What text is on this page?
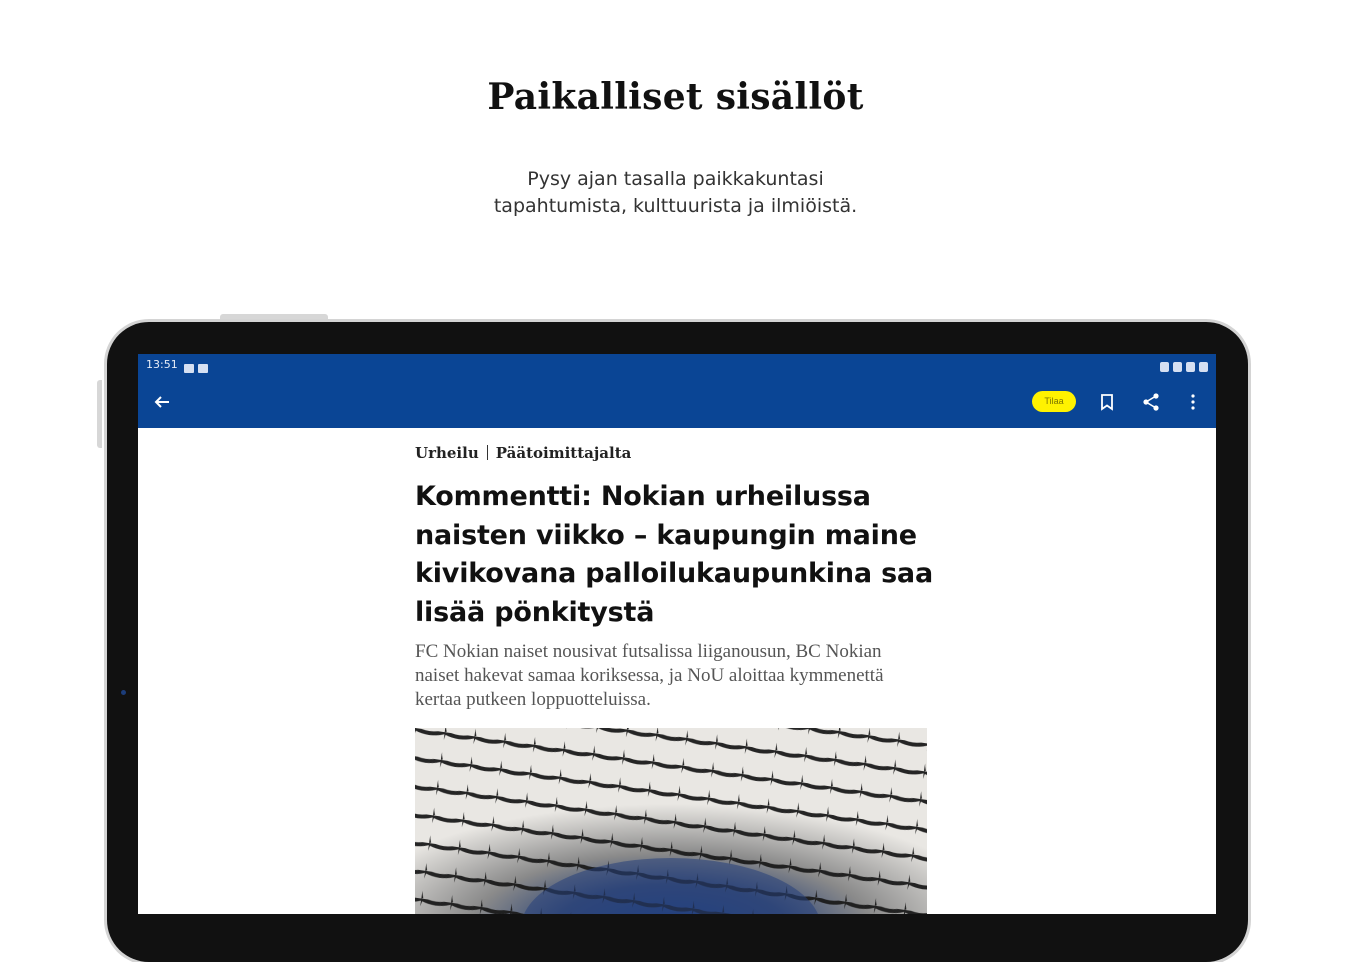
Paikalliset sisällöt

Pysy ajan tasalla paikkakuntasi
tapahtumista, kulttuurista ja ilmiöistä.

13:51
Tilaa

Urheilu Päätoimittajalta

Kommentti: Nokian urheilussa naisten viikko – kaupungin maine kivikovana palloilukaupunkina saa lisää pönkitystä

FC Nokian naiset nousivat futsalissa liiganousun, BC Nokian naiset hakevat samaa koriksessa, ja NoU aloittaa kymmenettä kertaa putkeen loppuotteluissa.
